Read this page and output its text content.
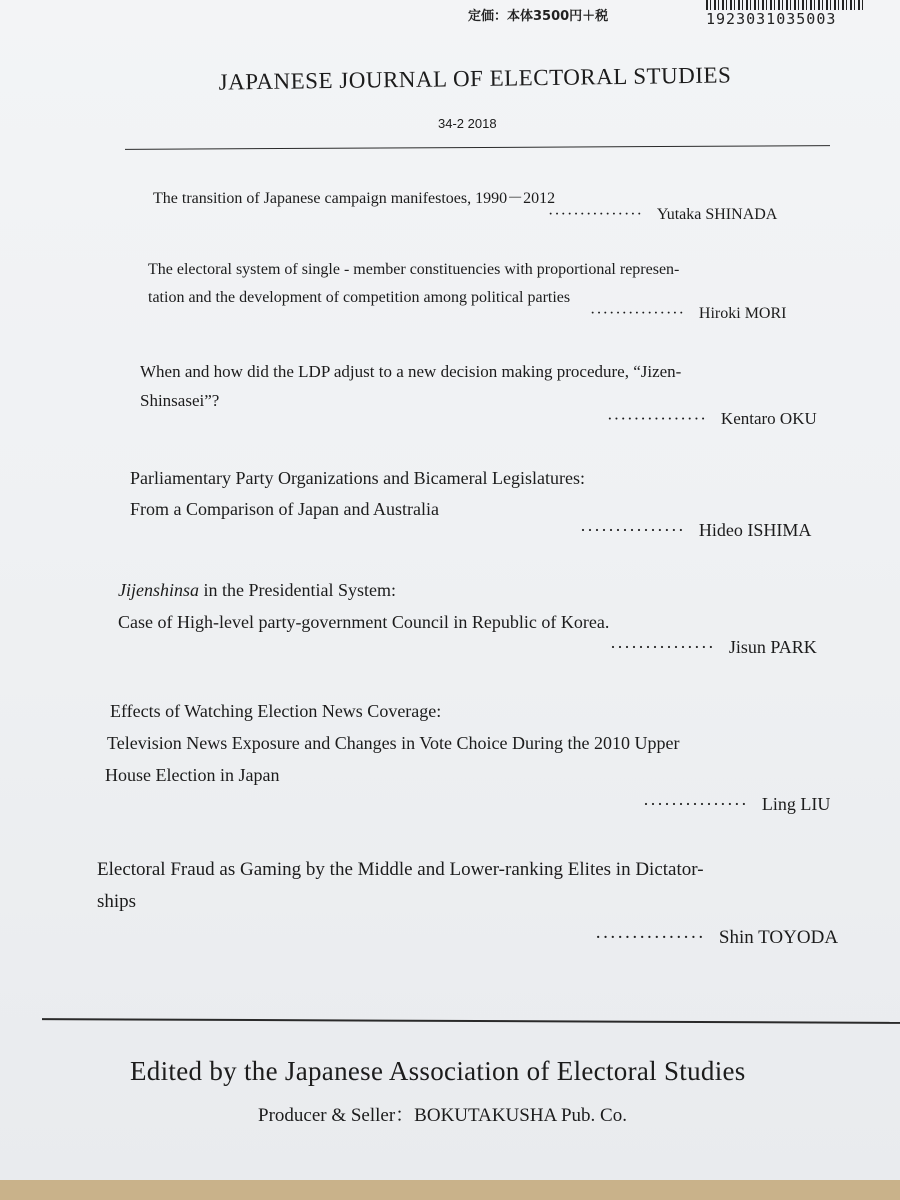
定価：本体3500円＋税	1923031035003
JAPANESE JOURNAL OF ELECTORAL STUDIES
34-2 2018
The transition of Japanese campaign manifestoes, 1990－2012
··············· Yutaka SHINADA
The electoral system of single - member constituencies with proportional represen-
tation and the development of competition among political parties
··············· Hiroki MORI
When and how did the LDP adjust to a new decision making procedure, “Jizen-
Shinsasei”?
··············· Kentaro OKU
Parliamentary Party Organizations and Bicameral Legislatures:
From a Comparison of Japan and Australia
··············· Hideo ISHIMA
Jijenshinsa in the Presidential System:
Case of High-level party-government Council in Republic of Korea.
··············· Jisun PARK
Effects of Watching Election News Coverage:
Television News Exposure and Changes in Vote Choice During the 2010 Upper
House Election in Japan
··············· Ling LIU
Electoral Fraud as Gaming by the Middle and Lower-ranking Elites in Dictator-
ships
··············· Shin TOYODA
Edited by the Japanese Association of Electoral Studies
Producer & Seller：BOKUTAKUSHA Pub. Co.
